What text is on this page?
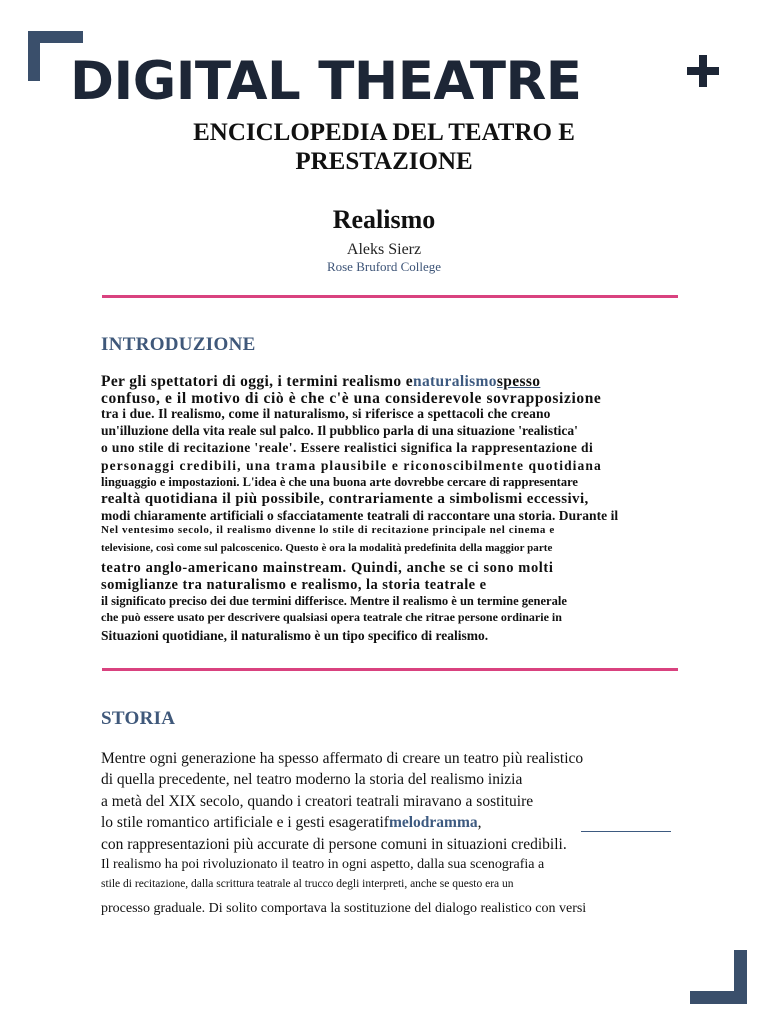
DIGITAL THEATRE
ENCICLOPEDIA DEL TEATRO E
PRESTAZIONE
Realismo
Aleks Sierz
Rose Bruford College
INTRODUZIONE
Per gli spettatori di oggi, i termini realismo enaturalismospesso
confuso, e il motivo di ciò è che c'è una considerevole sovrapposizione
tra i due. Il realismo, come il naturalismo, si riferisce a spettacoli che creano
un'illuzione della vita reale sul palco. Il pubblico parla di una situazione 'realistica'
o uno stile di recitazione 'reale'. Essere realistici significa la rappresentazione di
personaggi credibili, una trama plausibile e riconoscibilmente quotidiana
linguaggio e impostazioni. L'idea è che una buona arte dovrebbe cercare di rappresentare
realtà quotidiana il più possibile, contrariamente a simbolismi eccessivi,
modi chiaramente artificiali o sfacciatamente teatrali di raccontare una storia. Durante il
Nel ventesimo secolo, il realismo divenne lo stile di recitazione principale nel cinema e
televisione, così come sul palcoscenico. Questo è ora la modalità predefinita della maggior parte
teatro anglo-americano mainstream. Quindi, anche se ci sono molti
somiglianze tra naturalismo e realismo, la storia teatrale e
il significato preciso dei due termini differisce. Mentre il realismo è un termine generale
che può essere usato per descrivere qualsiasi opera teatrale che ritrae persone ordinarie in
Situazioni quotidiane, il naturalismo è un tipo specifico di realismo.
STORIA
Mentre ogni generazione ha spesso affermato di creare un teatro più realistico
di quella precedente, nel teatro moderno la storia del realismo inizia
a metà del XIX secolo, quando i creatori teatrali miravano a sostituire
lo stile romantico artificiale e i gesti esageratifmelodramma,
con rappresentazioni più accurate di persone comuni in situazioni credibili.
Il realismo ha poi rivoluzionato il teatro in ogni aspetto, dalla sua scenografia a
stile di recitazione, dalla scrittura teatrale al trucco degli interpreti, anche se questo era un
processo graduale. Di solito comportava la sostituzione del dialogo realistico con versi
